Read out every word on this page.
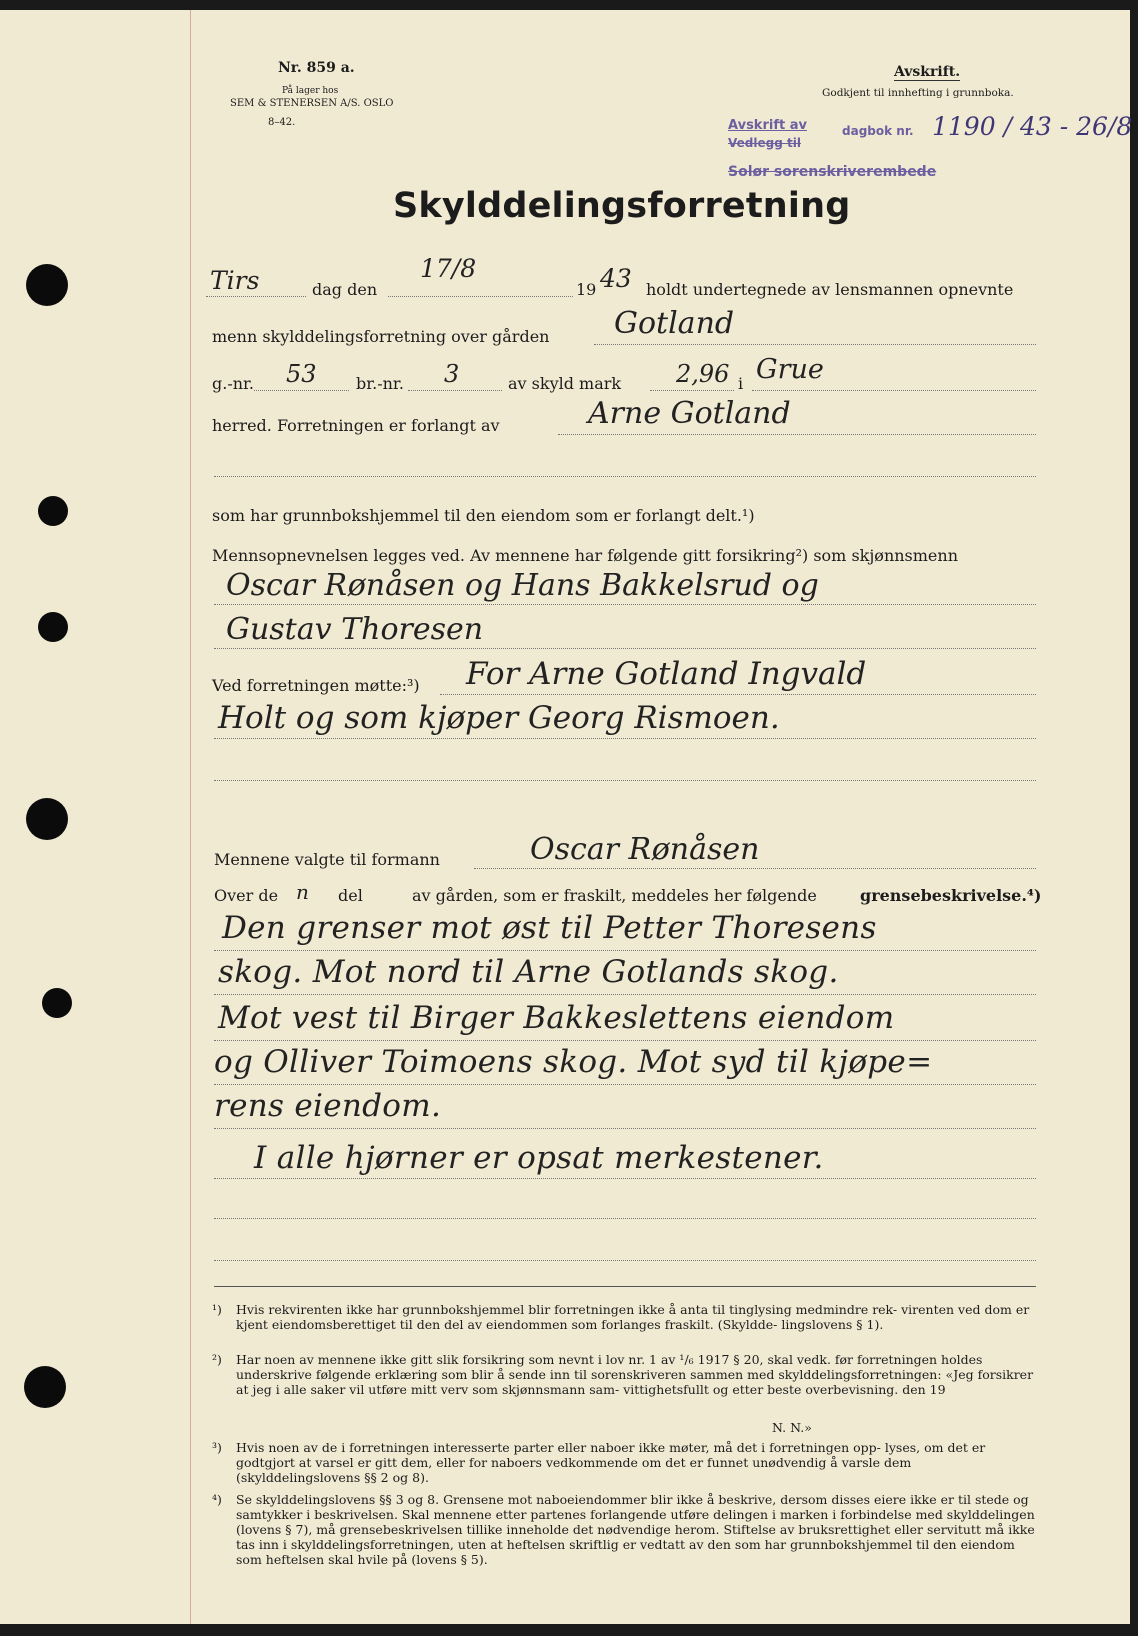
Nr. 859 a.
På lager hos
SEM & STENERSEN A/S. OSLO
8–42.
Avskrift.
Godkjent til innhefting i grunnboka.
Avskrift av
Vedlegg til
dagbok nr. 1190 / 43 - 26/8
Solør sorenskriverembede
Skylddelingsforretning
Tirs	dag den
17/8
19 43 holdt undertegnede av lensmannen opnevnte
menn skylddelingsforretning over gården Gotland
g.-nr. 53 br.-nr. 3	av skyld mark 2,96 i Grue
herred. Forretningen er forlangt av	Arne Gotland
som har grunnbokshjemmel til den eiendom som er forlangt delt.¹)
Mennsopnevnelsen legges ved. Av mennene har følgende gitt forsikring²) som skjønnsmenn
Oscar Rønåsen og Hans Bakkelsrud og
Gustav Thoresen
Ved forretningen møtte:³) For Arne Gotland Ingvald
Holt og som kjøper Georg Rismoen.
Mennene valgte til formann	Oscar Rønåsen
Over de n del	av gården, som er fraskilt, meddeles her følgende	grensebeskrivelse.⁴)
Den grenser mot øst til Petter Thoresens
skog. Mot nord til Arne Gotlands skog.
Mot vest til Birger Bakkeslettens eiendom
og Olliver Toimoens skog. Mot syd til kjøpe=
rens eiendom.
I alle hjørner er opsat merkestener.
¹) Hvis rekvirenten ikke har grunnbokshjemmel blir forretningen ikke å anta til tinglysing medmindre rek- virenten ved dom er kjent eiendomsberettiget til den del av eiendommen som forlanges fraskilt. (Skyldde- lingslovens § 1).
²) Har noen av mennene ikke gitt slik forsikring som nevnt i lov nr. 1 av ¹/₆ 1917 § 20, skal vedk. før forretningen holdes underskrive følgende erklæring som blir å sende inn til sorenskriveren sammen med skylddelingsforretningen: «Jeg forsikrer at jeg i alle saker vil utføre mitt verv som skjønnsmann sam- vittighetsfullt og etter beste overbevisning. den 19
N. N.»
³) Hvis noen av de i forretningen interesserte parter eller naboer ikke møter, må det i forretningen opp- lyses, om det er godtgjort at varsel er gitt dem, eller for naboers vedkommende om det er funnet unødvendig å varsle dem (skylddelingslovens §§ 2 og 8).
⁴) Se skylddelingslovens §§ 3 og 8. Grensene mot naboeiendommer blir ikke å beskrive, dersom disses eiere ikke er til stede og samtykker i beskrivelsen. Skal mennene etter partenes forlangende utføre delingen i marken i forbindelse med skylddelingen (lovens § 7), må grensebeskrivelsen tillike inneholde det nødvendige herom. Stiftelse av bruksrettighet eller servitutt må ikke tas inn i skylddelingsforretningen, uten at heftelsen skriftlig er vedtatt av den som har grunnbokshjemmel til den eiendom som heftelsen skal hvile på (lovens § 5).
